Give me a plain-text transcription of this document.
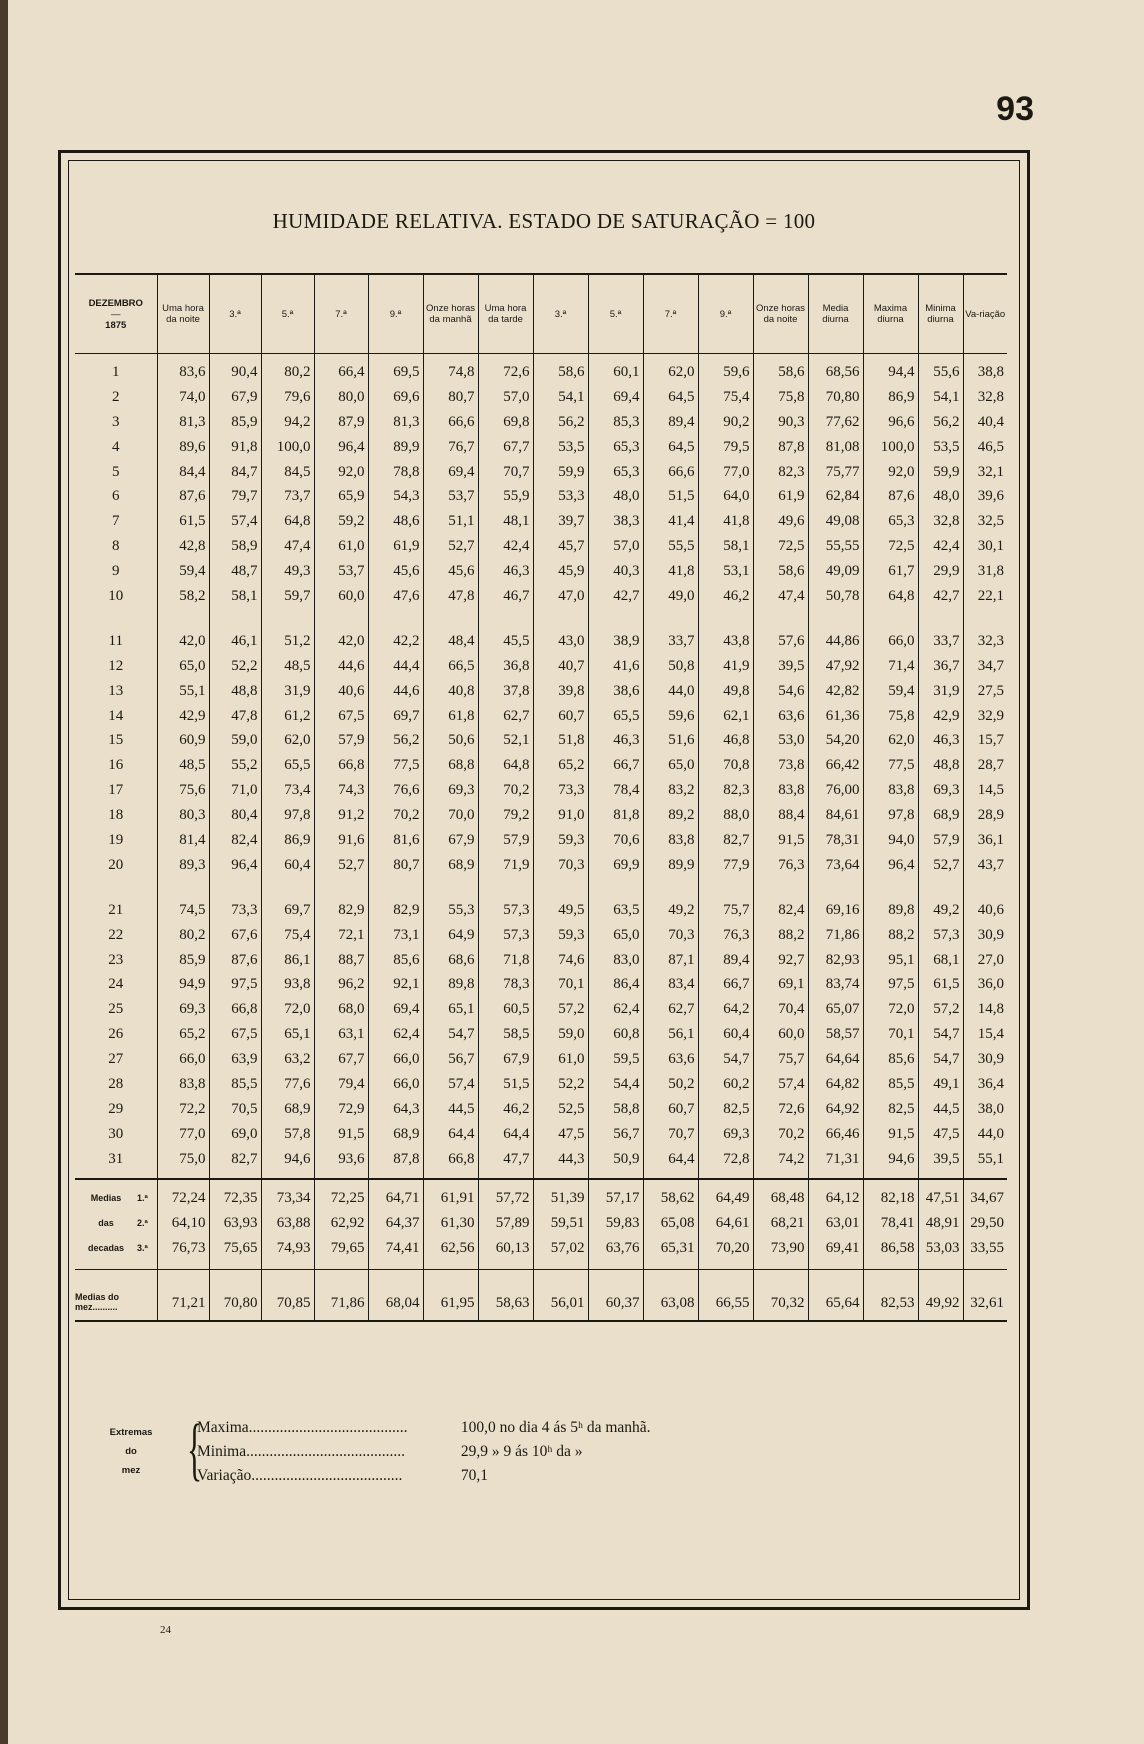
93
HUMIDADE RELATIVA. ESTADO DE SATURAÇÃO = 100
DEZEMBRO
—
1875	Uma hora da noite	3.ª	5.ª	7.ª	9.ª	Onze horas da manhã	Uma hora da tarde	3.ª	5.ª	7.ª	9.ª	Onze horas da noite	Media diurna	Maxima diurna	Minima diurna	Va-riação
1	83,6	90,4	80,2	66,4	69,5	74,8	72,6	58,6	60,1	62,0	59,6	58,6	68,56	94,4	55,6	38,8
2	74,0	67,9	79,6	80,0	69,6	80,7	57,0	54,1	69,4	64,5	75,4	75,8	70,80	86,9	54,1	32,8
3	81,3	85,9	94,2	87,9	81,3	66,6	69,8	56,2	85,3	89,4	90,2	90,3	77,62	96,6	56,2	40,4
4	89,6	91,8	100,0	96,4	89,9	76,7	67,7	53,5	65,3	64,5	79,5	87,8	81,08	100,0	53,5	46,5
5	84,4	84,7	84,5	92,0	78,8	69,4	70,7	59,9	65,3	66,6	77,0	82,3	75,77	92,0	59,9	32,1
6	87,6	79,7	73,7	65,9	54,3	53,7	55,9	53,3	48,0	51,5	64,0	61,9	62,84	87,6	48,0	39,6
7	61,5	57,4	64,8	59,2	48,6	51,1	48,1	39,7	38,3	41,4	41,8	49,6	49,08	65,3	32,8	32,5
8	42,8	58,9	47,4	61,0	61,9	52,7	42,4	45,7	57,0	55,5	58,1	72,5	55,55	72,5	42,4	30,1
9	59,4	48,7	49,3	53,7	45,6	45,6	46,3	45,9	40,3	41,8	53,1	58,6	49,09	61,7	29,9	31,8
10	58,2	58,1	59,7	60,0	47,6	47,8	46,7	47,0	42,7	49,0	46,2	47,4	50,78	64,8	42,7	22,1

11	42,0	46,1	51,2	42,0	42,2	48,4	45,5	43,0	38,9	33,7	43,8	57,6	44,86	66,0	33,7	32,3
12	65,0	52,2	48,5	44,6	44,4	66,5	36,8	40,7	41,6	50,8	41,9	39,5	47,92	71,4	36,7	34,7
13	55,1	48,8	31,9	40,6	44,6	40,8	37,8	39,8	38,6	44,0	49,8	54,6	42,82	59,4	31,9	27,5
14	42,9	47,8	61,2	67,5	69,7	61,8	62,7	60,7	65,5	59,6	62,1	63,6	61,36	75,8	42,9	32,9
15	60,9	59,0	62,0	57,9	56,2	50,6	52,1	51,8	46,3	51,6	46,8	53,0	54,20	62,0	46,3	15,7
16	48,5	55,2	65,5	66,8	77,5	68,8	64,8	65,2	66,7	65,0	70,8	73,8	66,42	77,5	48,8	28,7
17	75,6	71,0	73,4	74,3	76,6	69,3	70,2	73,3	78,4	83,2	82,3	83,8	76,00	83,8	69,3	14,5
18	80,3	80,4	97,8	91,2	70,2	70,0	79,2	91,0	81,8	89,2	88,0	88,4	84,61	97,8	68,9	28,9
19	81,4	82,4	86,9	91,6	81,6	67,9	57,9	59,3	70,6	83,8	82,7	91,5	78,31	94,0	57,9	36,1
20	89,3	96,4	60,4	52,7	80,7	68,9	71,9	70,3	69,9	89,9	77,9	76,3	73,64	96,4	52,7	43,7

21	74,5	73,3	69,7	82,9	82,9	55,3	57,3	49,5	63,5	49,2	75,7	82,4	69,16	89,8	49,2	40,6
22	80,2	67,6	75,4	72,1	73,1	64,9	57,3	59,3	65,0	70,3	76,3	88,2	71,86	88,2	57,3	30,9
23	85,9	87,6	86,1	88,7	85,6	68,6	71,8	74,6	83,0	87,1	89,4	92,7	82,93	95,1	68,1	27,0
24	94,9	97,5	93,8	96,2	92,1	89,8	78,3	70,1	86,4	83,4	66,7	69,1	83,74	97,5	61,5	36,0
25	69,3	66,8	72,0	68,0	69,4	65,1	60,5	57,2	62,4	62,7	64,2	70,4	65,07	72,0	57,2	14,8
26	65,2	67,5	65,1	63,1	62,4	54,7	58,5	59,0	60,8	56,1	60,4	60,0	58,57	70,1	54,7	15,4
27	66,0	63,9	63,2	67,7	66,0	56,7	67,9	61,0	59,5	63,6	54,7	75,7	64,64	85,6	54,7	30,9
28	83,8	85,5	77,6	79,4	66,0	57,4	51,5	52,2	54,4	50,2	60,2	57,4	64,82	85,5	49,1	36,4
29	72,2	70,5	68,9	72,9	64,3	44,5	46,2	52,5	58,8	60,7	82,5	72,6	64,92	82,5	44,5	38,0
30	77,0	69,0	57,8	91,5	68,9	64,4	64,4	47,5	56,7	70,7	69,3	70,2	66,46	91,5	47,5	44,0
31	75,0	82,7	94,6	93,6	87,8	66,8	47,7	44,3	50,9	64,4	72,8	74,2	71,31	94,6	39,5	55,1

Medias 1.ª	72,24	72,35	73,34	72,25	64,71	61,91	57,72	51,39	57,17	58,62	64,49	68,48	64,12	82,18	47,51	34,67

das 2.ª	64,10	63,93	63,88	62,92	64,37	61,30	57,89	59,51	59,83	65,08	64,61	68,21	63,01	78,41	48,91	29,50

decadas 3.ª	76,73	75,65	74,93	79,65	74,41	62,56	60,13	57,02	63,76	65,31	70,20	73,90	69,41	86,58	53,03	33,55

Medias do
mez..........	71,21	70,80	70,85	71,86	68,04	61,95	58,63	56,01	60,37	63,08	66,55	70,32	65,64	82,53	49,92	32,61
Extremas
do
mez {
Maxima.........................................	100,0 no dia 4 ás 5ʰ da manhã.
Minima.........................................	29,9 » 9 ás 10ʰ da »
Variação.......................................	70,1
24
